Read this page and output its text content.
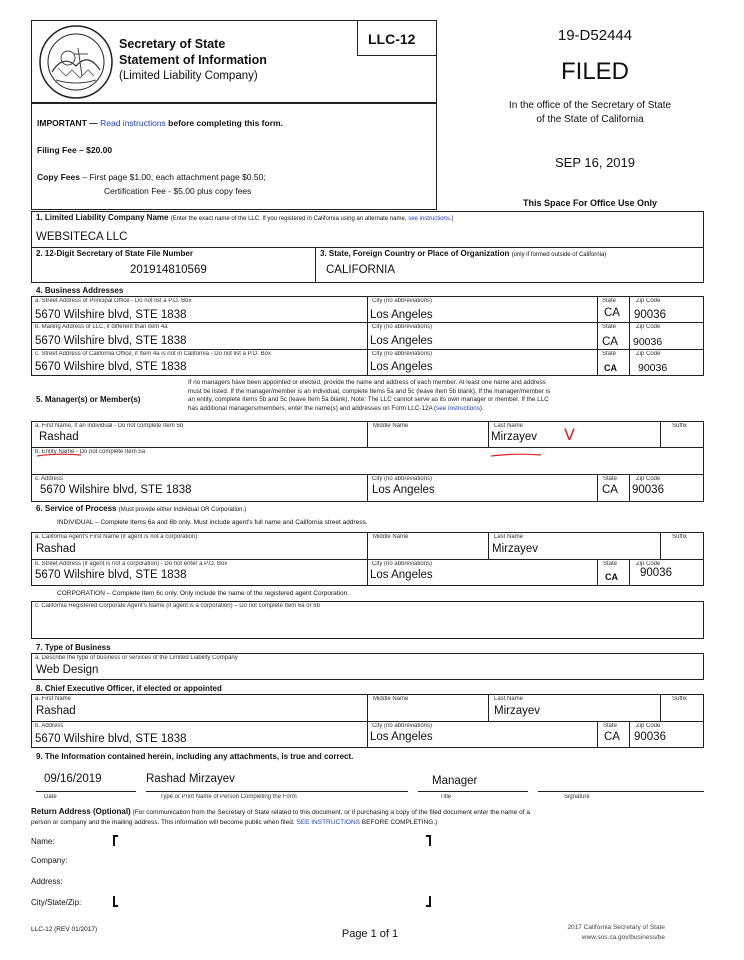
Secretary of State
Statement of Information
(Limited Liability Company)
LLC-12
IMPORTANT — Read instructions before completing this form.
Filing Fee – $20.00
Copy Fees – First page $1.00; each attachment page $0.50;
Certification Fee - $5.00 plus copy fees
19-D52444
FILED
In the office of the Secretary of State
of the State of California
SEP 16, 2019
This Space For Office Use Only
1. Limited Liability Company Name (Enter the exact name of the LLC. If you registered in California using an alternate name, see instructions.)
WEBSITECA LLC
2. 12-Digit Secretary of State File Number
201914810569
3. State, Foreign Country or Place of Organization (only if formed outside of California)
CALIFORNIA
4. Business Addresses
a. Street Address of Principal Office - Do not list a P.O. Box
5670 Wilshire blvd, STE 1838
City (no abbreviations)
Los Angeles
State
CA
Zip Code
90036
b. Mailing Address of LLC, if different than item 4a
5670 Wilshire blvd, STE 1838
City (no abbreviations)
Los Angeles
State
CA
Zip Code
90036
c. Street Address of California Office, if Item 4a is not in California - Do not list a P.O. Box
5670 Wilshire blvd, STE 1838
City (no abbreviations)
Los Angeles
State
CA
Zip Code
90036
5. Manager(s) or Member(s)
If no managers have been appointed or elected, provide the name and address of each member. At least one name and address
must be listed. If the manager/member is an individual, complete Items 5a and 5c (leave Item 5b blank). If the manager/member is
an entity, complete Items 5b and 5c (leave Item 5a blank). Note: The LLC cannot serve as its own manager or member. If the LLC
has additional managers/members, enter the name(s) and addresses on Form LLC-12A (see instructions).
a. First Name, if an individual - Do not complete Item 5b
Rashad
Middle Name	Last Name
Mirzayev V	Suffix
b. Entity Name - Do not complete Item 5a
c. Address
5670 Wilshire blvd, STE 1838
City (no abbreviations)
Los Angeles
State
CA
Zip Code
90036
6. Service of Process (Must provide either Individual OR Corporation.)
INDIVIDUAL – Complete Items 6a and 6b only. Must include agent's full name and California street address.
a. California Agent's First Name (if agent is not a corporation)
Rashad
Middle Name	Last Name
Mirzayev
Suffix
b. Street Address (if agent is not a corporation) - Do not enter a P.O. Box
5670 Wilshire blvd, STE 1838
City (no abbreviations)
Los Angeles
State
CA
Zip Code
90036
CORPORATION – Complete Item 6c only. Only include the name of the registered agent Corporation.
c. California Registered Corporate Agent's Name (if agent is a corporation) – Do not complete Item 6a or 6b
7. Type of Business
a. Describe the type of business or services of the Limited Liability Company
Web Design
8. Chief Executive Officer, if elected or appointed
a. First Name
Rashad
Middle Name	Last Name
Mirzayev
Suffix
b. Address
5670 Wilshire blvd, STE 1838
City (no abbreviations)
Los Angeles
State
CA
Zip Code
90036
9. The Information contained herein, including any attachments, is true and correct.
09/16/2019	Rashad Mirzayev	Manager
Date	Type or Print Name of Person Completing the Form	Title	Signature
Return Address (Optional) (For communication from the Secretary of State related to this document, or if purchasing a copy of the filed document enter the name of a
person or company and the mailing address. This information will become public when filed. SEE INSTRUCTIONS BEFORE COMPLETING.)
Name:
Company:
Address:
City/State/Zip:
LLC-12 (REV 01/2017)	Page 1 of 1
2017 California Secretary of State
www.sos.ca.gov/business/be
